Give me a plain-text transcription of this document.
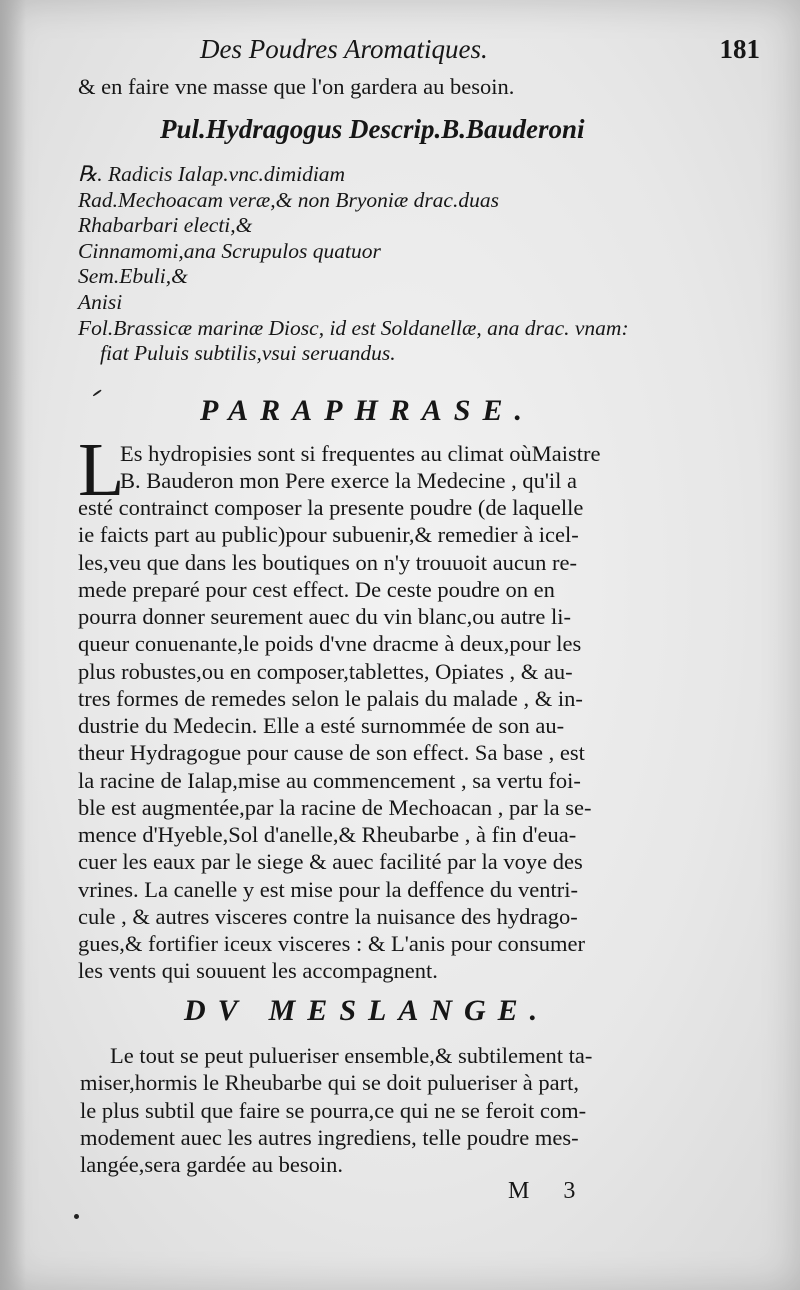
Des Poudres Aromatiques.	181
& en faire vne masse que l'on gardera au besoin.
Pul.Hydragogus Descrip.B.Bauderoni
℞. Radicis Ialap.vnc.dimidiam
Rad.Mechoacam veræ,& non Bryoniæ drac.duas
Rhabarbari electi,&
Cinnamomi,ana Scrupulos quatuor
Sem.Ebuli,&
Anisi
Fol.Brassicæ marinæ Diosc, id est Soldanellæ, ana drac. vnam:
fiat Puluis subtilis,vsui seruandus.
PARAPHRASE.
L
Es hydropisies sont si frequentes au climat oùMaistre
B. Bauderon mon Pere exerce la Medecine , qu'il a
esté contrainct composer la presente poudre (de laquelle
ie faicts part au public)pour subuenir,& remedier à icel-
les,veu que dans les boutiques on n'y trouuoit aucun re-
mede preparé pour cest effect. De ceste poudre on en
pourra donner seurement auec du vin blanc,ou autre li-
queur conuenante,le poids d'vne dracme à deux,pour les
plus robustes,ou en composer,tablettes, Opiates , & au-
tres formes de remedes selon le palais du malade , & in-
dustrie du Medecin. Elle a esté surnommée de son au-
theur Hydragogue pour cause de son effect. Sa base , est
la racine de Ialap,mise au commencement , sa vertu foi-
ble est augmentée,par la racine de Mechoacan , par la se-
mence d'Hyeble,Sol d'anelle,& Rheubarbe , à fin d'eua-
cuer les eaux par le siege & auec facilité par la voye des
vrines. La canelle y est mise pour la deffence du ventri-
cule , & autres visceres contre la nuisance des hydrago-
gues,& fortifier iceux visceres : & L'anis pour consumer
les vents qui souuent les accompagnent.
DV MESLANGE.
Le tout se peut pulueriser ensemble,& subtilement ta-
miser,hormis le Rheubarbe qui se doit pulueriser à part,
le plus subtil que faire se pourra,ce qui ne se feroit com-
modement auec les autres ingrediens, telle poudre mes-
langée,sera gardée au besoin.
M 3
